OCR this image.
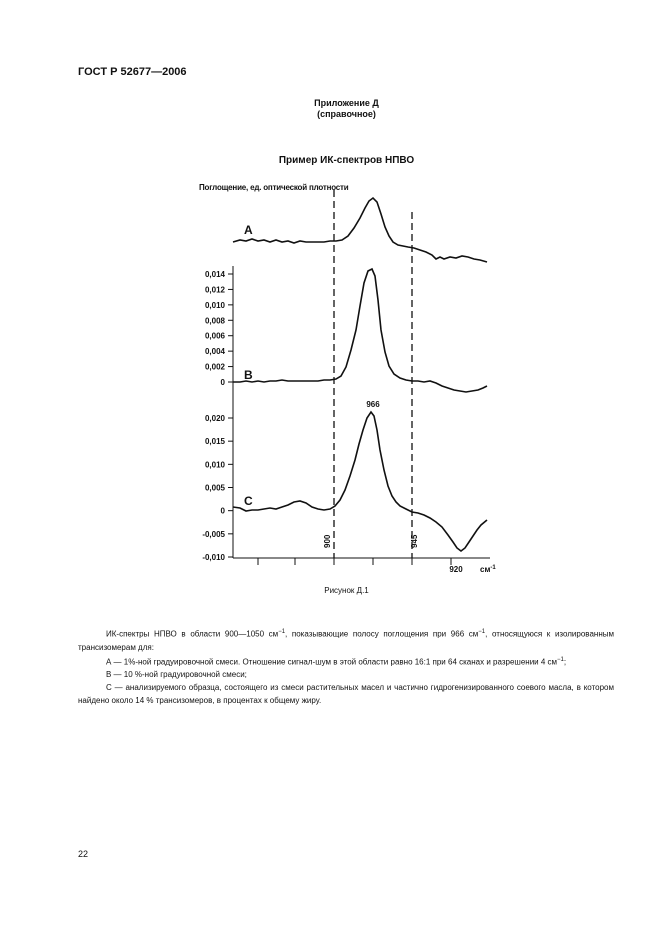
ГОСТ Р 52677—2006
Приложение Д
(справочное)
Пример ИК-спектров НПВО
Поглощение, ед. оптической плотности
0,014
0,012
0,010
0,008
0,006
0,004
0,002
0
0,020
0,015
0,010
0,005
0
-0,005
-0,010
A
B
C
966
900	945
920 $см^{-1}$
Рисунок Д.1

ИК-спектры НПВО в области 900—1050 $см^{-1}$, показывающие полосу поглощения при 966 $см^{-1}$, относящуюся к изолированным трансизомерам для:

А — 1%-ной градуировочной смеси. Отношение сигнал-шум в этой области равно 16:1 при 64 сканах и разрешении 4 $см^{-1}$;

В — 10 %-ной градуировочной смеси;

С — анализируемого образца, состоящего из смеси растительных масел и частично гидрогенизированного соевого масла, в котором найдено около 14 % трансизомеров, в процентах к общему жиру.

22
